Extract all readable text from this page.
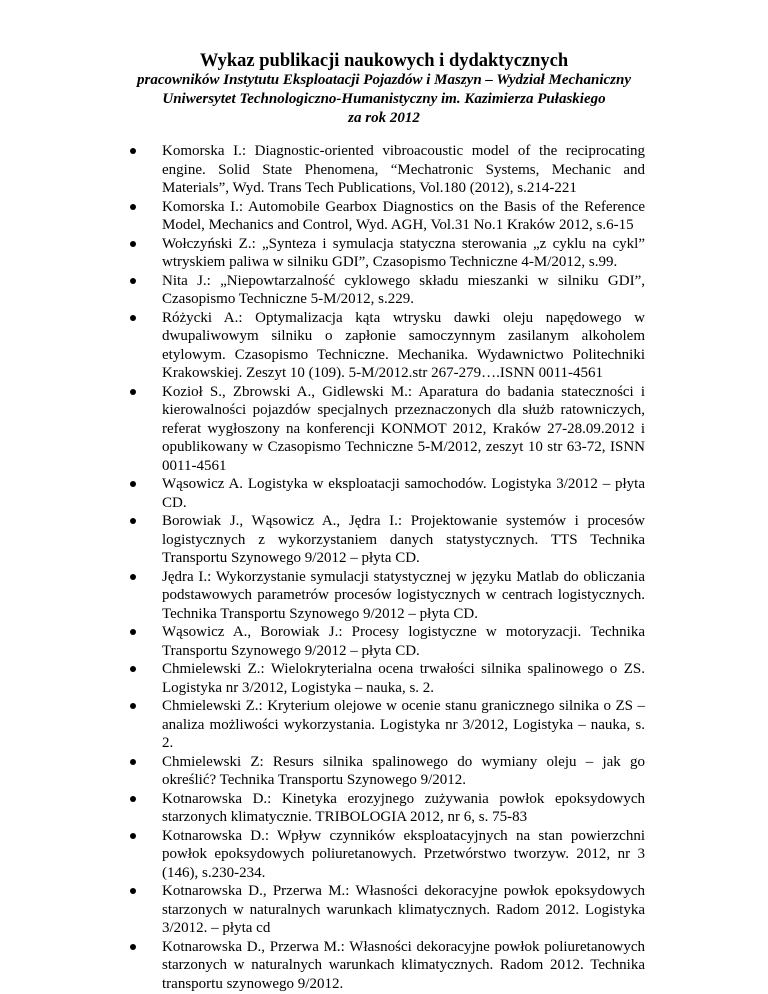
Wykaz publikacji naukowych i dydaktycznych
pracowników Instytutu Eksploatacji Pojazdów i Maszyn – Wydział Mechaniczny
Uniwersytet Technologiczno-Humanistyczny im. Kazimierza Pułaskiego
za rok 2012
Komorska I.: Diagnostic-oriented vibroacoustic model of the reciprocating engine. Solid State Phenomena, “Mechatronic Systems, Mechanic and Materials”, Wyd. Trans Tech Publications, Vol.180 (2012), s.214-221
Komorska I.: Automobile Gearbox Diagnostics on the Basis of the Reference Model, Mechanics and Control, Wyd. AGH, Vol.31 No.1 Kraków 2012, s.6-15
Wołczyński Z.: „Synteza i symulacja statyczna sterowania „z cyklu na cykl” wtryskiem paliwa w silniku GDI”, Czasopismo Techniczne 4-M/2012, s.99.
Nita J.: „Niepowtarzalność cyklowego składu mieszanki w silniku GDI”, Czasopismo Techniczne 5-M/2012, s.229.
Różycki A.: Optymalizacja kąta wtrysku dawki oleju napędowego w dwupaliwowym silniku o zapłonie samoczynnym zasilanym alkoholem etylowym. Czasopismo Techniczne. Mechanika. Wydawnictwo Politechniki Krakowskiej. Zeszyt 10 (109). 5-M/2012.str 267-279….ISNN 0011-4561
Kozioł S., Zbrowski A., Gidlewski M.: Aparatura do badania stateczności i kierowalności pojazdów specjalnych przeznaczonych dla służb ratowniczych, referat wygłoszony na konferencji KONMOT 2012, Kraków 27-28.09.2012 i opublikowany w Czasopismo Techniczne 5-M/2012, zeszyt 10 str 63-72, ISNN 0011-4561
Wąsowicz A. Logistyka w eksploatacji samochodów. Logistyka 3/2012 – płyta CD.
Borowiak J., Wąsowicz A., Jędra I.: Projektowanie systemów i procesów logistycznych z wykorzystaniem danych statystycznych. TTS Technika Transportu Szynowego 9/2012 – płyta CD.
Jędra I.: Wykorzystanie symulacji statystycznej w języku Matlab do obliczania podstawowych parametrów procesów logistycznych w centrach logistycznych. Technika Transportu Szynowego 9/2012 – płyta CD.
Wąsowicz A., Borowiak J.: Procesy logistyczne w motoryzacji. Technika Transportu Szynowego 9/2012 – płyta CD.
Chmielewski Z.: Wielokryterialna ocena trwałości silnika spalinowego o ZS. Logistyka nr 3/2012, Logistyka – nauka, s. 2.
Chmielewski Z.: Kryterium olejowe w ocenie stanu granicznego silnika o ZS – analiza możliwości wykorzystania. Logistyka nr 3/2012, Logistyka – nauka, s. 2.
Chmielewski Z: Resurs silnika spalinowego do wymiany oleju – jak go określić? Technika Transportu Szynowego 9/2012.
Kotnarowska D.: Kinetyka erozyjnego zużywania powłok epoksydowych starzonych klimatycznie. TRIBOLOGIA 2012, nr 6, s. 75-83
Kotnarowska D.: Wpływ czynników eksploatacyjnych na stan powierzchni powłok epoksydowych poliuretanowych. Przetwórstwo tworzyw. 2012, nr 3 (146), s.230-234.
Kotnarowska D., Przerwa M.: Własności dekoracyjne powłok epoksydowych starzonych w naturalnych warunkach klimatycznych. Radom 2012. Logistyka 3/2012. – płyta cd
Kotnarowska D., Przerwa M.: Własności dekoracyjne powłok poliuretanowych starzonych w naturalnych warunkach klimatycznych. Radom 2012. Technika transportu szynowego 9/2012.
